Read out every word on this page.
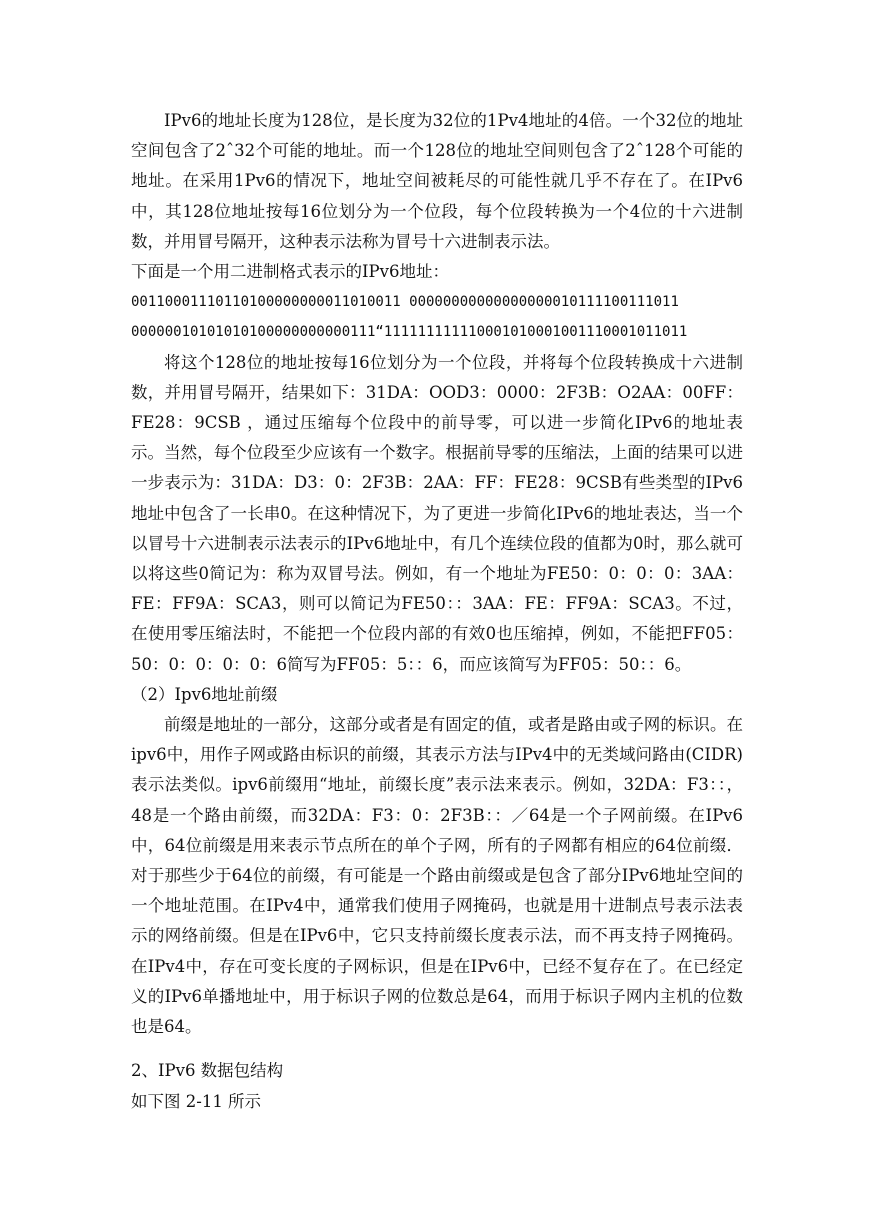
IPv6的地址长度为128位，是长度为32位的1Pv4地址的4倍。一个32位的地址空间包含了2ˆ32个可能的地址。而一个128位的地址空间则包含了2ˆ128个可能的地址。在采用1Pv6的情况下，地址空间被耗尽的可能性就几乎不存在了。在IPv6中，其128位地址按每16位划分为一个位段，每个位段转换为一个4位的十六进制数，并用冒号隔开，这种表示法称为冒号十六进制表示法。

下面是一个用二进制格式表示的IPv6地址：

00110001110110100000000011010011 00000000000000000010111100111011

00000010101010100000000000111“11111111111000101000100111000101101​1

将这个128位的地址按每16位划分为一个位段，并将每个位段转换成十六进制数，并用冒号隔开，结果如下：31DA：OOD3：0000：2F3B：O2AA：00FF：FE28：9CSB ，通过压缩每个位段中的前导零，可以进一步简化IPv6的地址表示。当然，每个位段至少应该有一个数字。根据前导零的压缩法，上面的结果可以进一步表示为：31DA：D3：0：2F3B：2AA：FF：FE28：9CSB有些类型的IPv6地址中包含了一长串0。在这种情况下，为了更进一步简化IPv6的地址表达，当一个以冒号十六进制表示法表示的IPv6地址中，有几个连续位段的值都为0时，那么就可以将这些0简记为：称为双冒号法。例如，有一个地址为FE50：0：0：0：3AA：FE：FF9A：SCA3，则可以简记为FE50：：3AA：FE：FF9A：SCA3。不过，在使用零压缩法时，不能把一个位段内部的有效0也压缩掉，例如，不能把FF05：50：0：0：0：0：6简写为FF05：5：：6，而应该简写为FF05：50：：6。

（2）Ipv6地址前缀

前缀是地址的一部分，这部分或者是有固定的值，或者是路由或子网的标识。在ipv6中，用作子网或路由标识的前缀，其表示方法与IPv4中的无类域问路由(CIDR)表示法类似。ipv6前缀用“地址，前缀长度”表示法来表示。例如，32DA：F3：：，48是一个路由前缀，而32DA：F3：0：2F3B：：／64是一个子网前缀。在IPv6中，64位前缀是用来表示节点所在的单个子网，所有的子网都有相应的64位前缀．对于那些少于64位的前缀，有可能是一个路由前缀或是包含了部分IPv6地址空间的一个地址范围。在IPv4中，通常我们使用子网掩码，也就是用十进制点号表示法表示的网络前缀。但是在IPv6中，它只支持前缀长度表示法，而不再支持子网掩码。在IPv4中，存在可变长度的子网标识，但是在IPv6中，已经不复存在了。在已经定义的IPv6单播地址中，用于标识子网的位数总是64，而用于标识子网内主机的位数也是64。

2、IPv6 数据包结构

如下图 2-11 所示
